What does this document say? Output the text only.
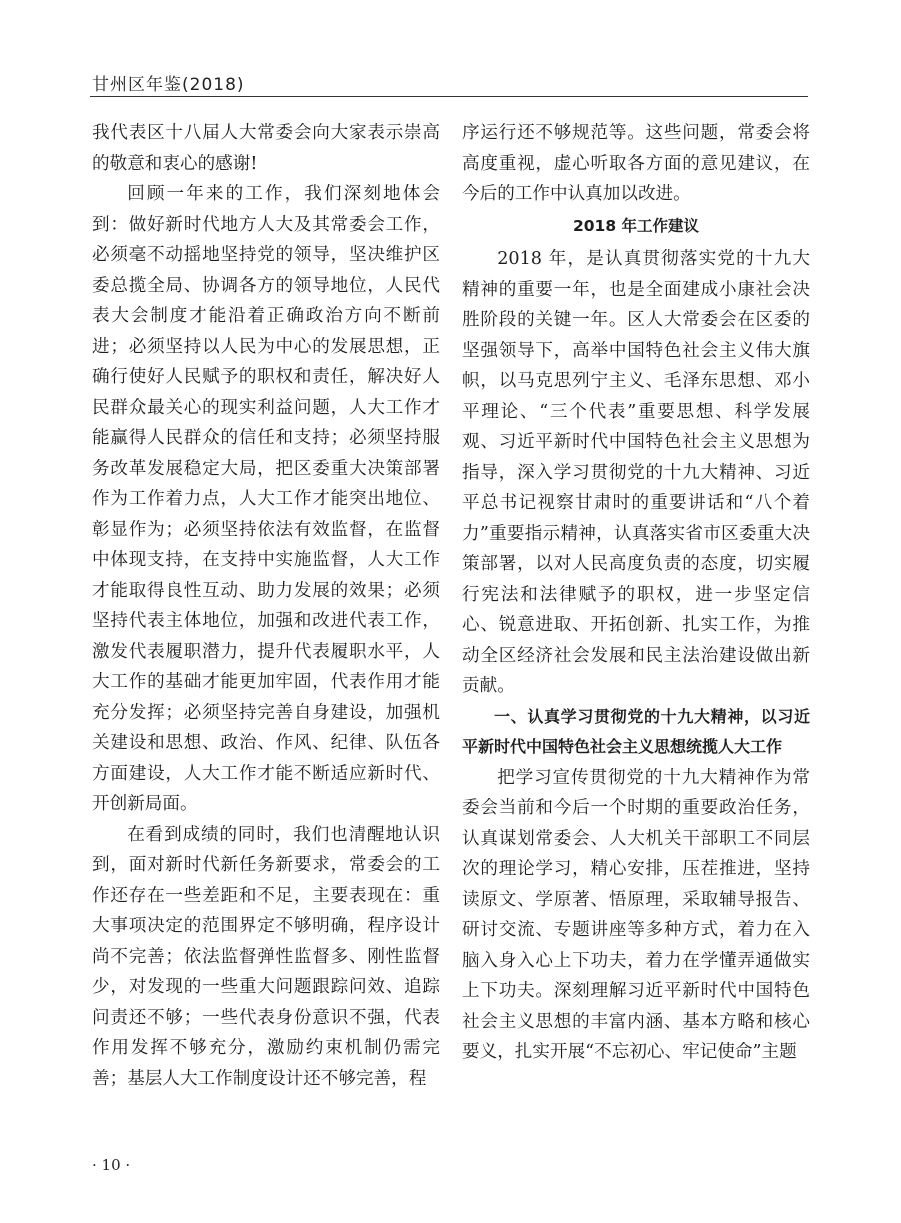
甘州区年鉴(2018)

我代表区十八届人大常委会向大家表示崇高的敬意和衷心的感谢!

回顾一年来的工作，我们深刻地体会到：做好新时代地方人大及其常委会工作，必须毫不动摇地坚持党的领导，坚决维护区委总揽全局、协调各方的领导地位，人民代表大会制度才能沿着正确政治方向不断前进；必须坚持以人民为中心的发展思想，正确行使好人民赋予的职权和责任，解决好人民群众最关心的现实利益问题，人大工作才能赢得人民群众的信任和支持；必须坚持服务改革发展稳定大局，把区委重大决策部署作为工作着力点，人大工作才能突出地位、彰显作为；必须坚持依法有效监督，在监督中体现支持，在支持中实施监督，人大工作才能取得良性互动、助力发展的效果；必须坚持代表主体地位，加强和改进代表工作，激发代表履职潜力，提升代表履职水平，人大工作的基础才能更加牢固，代表作用才能充分发挥；必须坚持完善自身建设，加强机关建设和思想、政治、作风、纪律、队伍各方面建设，人大工作才能不断适应新时代、开创新局面。

在看到成绩的同时，我们也清醒地认识到，面对新时代新任务新要求，常委会的工作还存在一些差距和不足，主要表现在：重大事项决定的范围界定不够明确，程序设计尚不完善；依法监督弹性监督多、刚性监督少，对发现的一些重大问题跟踪问效、追踪问责还不够；一些代表身份意识不强，代表作用发挥不够充分，激励约束机制仍需完善；基层人大工作制度设计还不够完善，程

序运行还不够规范等。这些问题，常委会将高度重视，虚心听取各方面的意见建议，在今后的工作中认真加以改进。

2018 年工作建议

2018 年，是认真贯彻落实党的十九大精神的重要一年，也是全面建成小康社会决胜阶段的关键一年。区人大常委会在区委的坚强领导下，高举中国特色社会主义伟大旗帜，以马克思列宁主义、毛泽东思想、邓小平理论、“三个代表”重要思想、科学发展观、习近平新时代中国特色社会主义思想为指导，深入学习贯彻党的十九大精神、习近平总书记视察甘肃时的重要讲话和“八个着力”重要指示精神，认真落实省市区委重大决策部署，以对人民高度负责的态度，切实履行宪法和法律赋予的职权，进一步坚定信心、锐意进取、开拓创新、扎实工作，为推动全区经济社会发展和民主法治建设做出新贡献。

一、认真学习贯彻党的十九大精神，以习近平新时代中国特色社会主义思想统揽人大工作

把学习宣传贯彻党的十九大精神作为常委会当前和今后一个时期的重要政治任务，认真谋划常委会、人大机关干部职工不同层次的理论学习，精心安排，压茬推进，坚持读原文、学原著、悟原理，采取辅导报告、研讨交流、专题讲座等多种方式，着力在入脑入身入心上下功夫，着力在学懂弄通做实上下功夫。深刻理解习近平新时代中国特色社会主义思想的丰富内涵、基本方略和核心要义，扎实开展“不忘初心、牢记使命”主题

· 10 ·
